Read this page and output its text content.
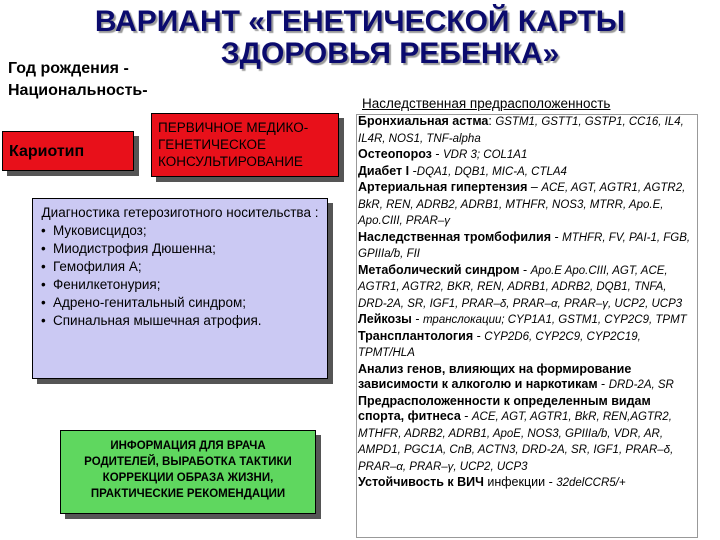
ВАРИАНТ «ГЕНЕТИЧЕСКОЙ КАРТЫ
ЗДОРОВЬЯ РЕБЕНКА»
Год рождения -
Национальность-
Кариотип
ПЕРВИЧНОЕ МЕДИКО-ГЕНЕТИЧЕСКОЕ КОНСУЛЬТИРОВАНИЕ
Диагностика гетерозиготного носительства :
• Муковисцидоз;
• Миодистрофия Дюшенна;
• Гемофилия А;
• Фенилкетонурия;
• Адрено-генитальный синдром;
• Спинальная мышечная атрофия.
ИНФОРМАЦИЯ ДЛЯ ВРАЧА
РОДИТЕЛЕЙ, ВЫРАБОТКА ТАКТИКИ
КОРРЕКЦИИ ОБРАЗА ЖИЗНИ,
ПРАКТИЧЕСКИЕ РЕКОМЕНДАЦИИ
Наследственная предрасположенность

Бронхиальная астма: GSTM1, GSTT1, GSTP1, CC16, IL4, IL4R, NOS1, TNF-alpha

Остеопороз - VDR 3; COL1A1

Диабет I -DQA1, DQB1, MIC-A, CTLA4

Артериальная гипертензия – ACE, AGT, AGTR1, AGTR2, BkR, REN, ADRB2, ADRB1, MTHFR, NOS3, MTRR, Apo.E, Apo.CIII, PRAR–γ

Наследственная тромбофилия - MTHFR, FV, PAI-1, FGB, GPIIIa/b, FII

Метаболический синдром - Apo.E Apo.CIII, AGT, ACE, AGTR1, AGTR2, BKR, REN, ADRB1, ADRB2, DQB1, TNFA, DRD-2A, SR, IGF1, PRAR–δ, PRAR–α, PRAR–γ, UCP2, UCP3

Лейкозы - транслокации; CYP1A1, GSTM1, CYP2C9, TPMT

Трансплантология - CYP2D6, CYP2C9, CYP2C19, TPMT/HLA

Анализ генов, влияющих на формирование зависимости к алкоголю и наркотикам - DRD-2A, SR

Предрасположенности к определенным видам спорта, фитнеса - ACE, AGT, AGTR1, BkR, REN,AGTR2, MTHFR, ADRB2, ADRB1, ApoE, NOS3, GPIIIa/b, VDR, AR, AMPD1, PGC1A, CnB, ACTN3, DRD-2A, SR, IGF1, PRAR–δ, PRAR–α, PRAR–γ, UCP2, UCP3

Устойчивость к ВИЧ инфекции - 32delCCR5/+
